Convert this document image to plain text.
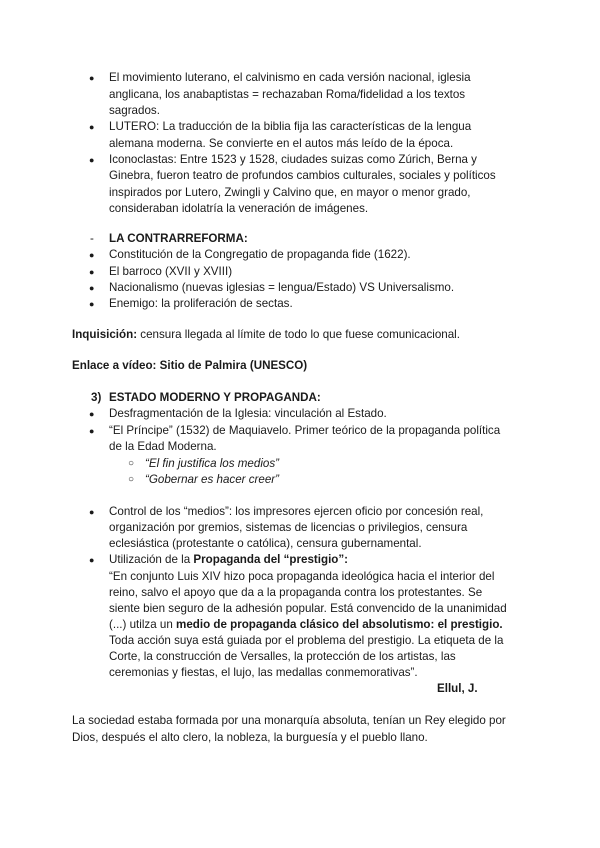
● El movimiento luterano, el calvinismo en cada versión nacional, iglesia
anglicana, los anabaptistas = rechazaban Roma/fidelidad a los textos
sagrados.
● LUTERO: La traducción de la biblia fija las características de la lengua
alemana moderna. Se convierte en el autos más leído de la época.
● Iconoclastas: Entre 1523 y 1528, ciudades suizas como Zúrich, Berna y
Ginebra, fueron teatro de profundos cambios culturales, sociales y políticos
inspirados por Lutero, Zwingli y Calvino que, en mayor o menor grado,
consideraban idolatría la veneración de imágenes.
- LA CONTRARREFORMA:
● Constitución de la Congregatio de propaganda fide (1622).
● El barroco (XVII y XVIII)
● Nacionalismo (nuevas iglesias = lengua/Estado) VS Universalismo.
● Enemigo: la proliferación de sectas.
Inquisición: censura llegada al límite de todo lo que fuese comunicacional.
Enlace a vídeo: Sitio de Palmira (UNESCO)
3) ESTADO MODERNO Y PROPAGANDA:
● Desfragmentación de la Iglesia: vinculación al Estado.
● “El Príncipe” (1532) de Maquiavelo. Primer teórico de la propaganda política
de la Edad Moderna.
○ “El fin justifica los medios”
○ “Gobernar es hacer creer”
● Control de los “medios”: los impresores ejercen oficio por concesión real,
organización por gremios, sistemas de licencias o privilegios, censura
eclesiástica (protestante o católica), censura gubernamental.
● Utilización de la Propaganda del “prestigio”:
“En conjunto Luis XIV hizo poca propaganda ideológica hacia el interior del
reino, salvo el apoyo que da a la propaganda contra los protestantes. Se
siente bien seguro de la adhesión popular. Está convencido de la unanimidad
(...) utilza un medio de propaganda clásico del absolutismo: el prestigio.
Toda acción suya está guiada por el problema del prestigio. La etiqueta de la
Corte, la construcción de Versalles, la protección de los artistas, las
ceremonias y fiestas, el lujo, las medallas conmemorativas”.
Ellul, J.
La sociedad estaba formada por una monarquía absoluta, tenían un Rey elegido por
Dios, después el alto clero, la nobleza, la burguesía y el pueblo llano.
